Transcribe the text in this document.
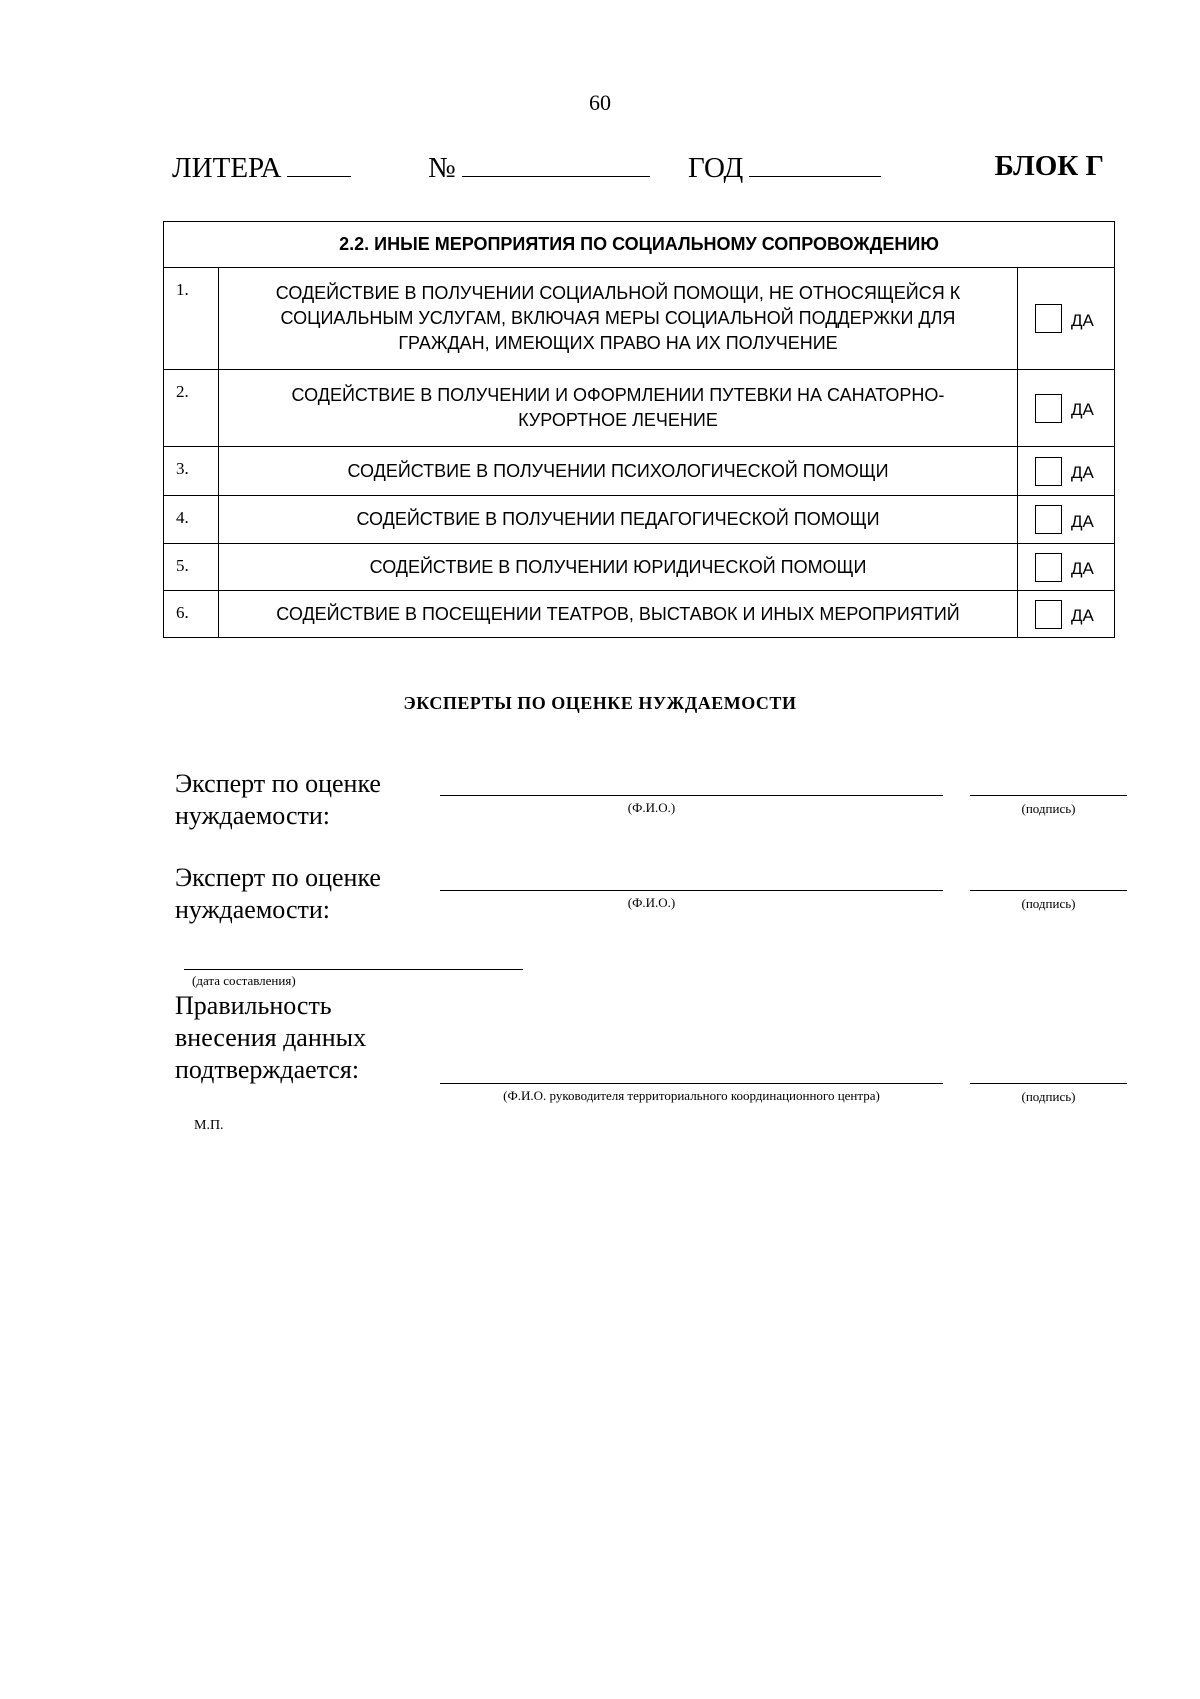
60
ЛИТЕРА	№	ГОД	БЛОК Г
2.2. ИНЫЕ МЕРОПРИЯТИЯ ПО СОЦИАЛЬНОМУ СОПРОВОЖДЕНИЮ		
1.	СОДЕЙСТВИЕ В ПОЛУЧЕНИИ СОЦИАЛЬНОЙ ПОМОЩИ, НЕ ОТНОСЯЩЕЙСЯ К СОЦИАЛЬНЫМ УСЛУГАМ, ВКЛЮЧАЯ МЕРЫ СОЦИАЛЬНОЙ ПОДДЕРЖКИ ДЛЯ ГРАЖДАН, ИМЕЮЩИХ ПРАВО НА ИХ ПОЛУЧЕНИЕ	ДА
2.	СОДЕЙСТВИЕ В ПОЛУЧЕНИИ И ОФОРМЛЕНИИ ПУТЕВКИ НА САНАТОРНО-КУРОРТНОЕ ЛЕЧЕНИЕ	ДА
3.	СОДЕЙСТВИЕ В ПОЛУЧЕНИИ ПСИХОЛОГИЧЕСКОЙ ПОМОЩИ	ДА
4.	СОДЕЙСТВИЕ В ПОЛУЧЕНИИ ПЕДАГОГИЧЕСКОЙ ПОМОЩИ	ДА
5.	СОДЕЙСТВИЕ В ПОЛУЧЕНИИ ЮРИДИЧЕСКОЙ ПОМОЩИ	ДА
6.	СОДЕЙСТВИЕ В ПОСЕЩЕНИИ ТЕАТРОВ, ВЫСТАВОК И ИНЫХ МЕРОПРИЯТИЙ	ДА
ЭКСПЕРТЫ ПО ОЦЕНКЕ НУЖДАЕМОСТИ
Эксперт по оценке
нуждаемости:	(Ф.И.О.)	(подпись)
Эксперт по оценке
нуждаемости:	(Ф.И.О.)	(подпись)
(дата составления)
Правильность
внесения данных
подтверждается:
(Ф.И.О. руководителя территориального координационного центра)	(подпись)
М.П.
